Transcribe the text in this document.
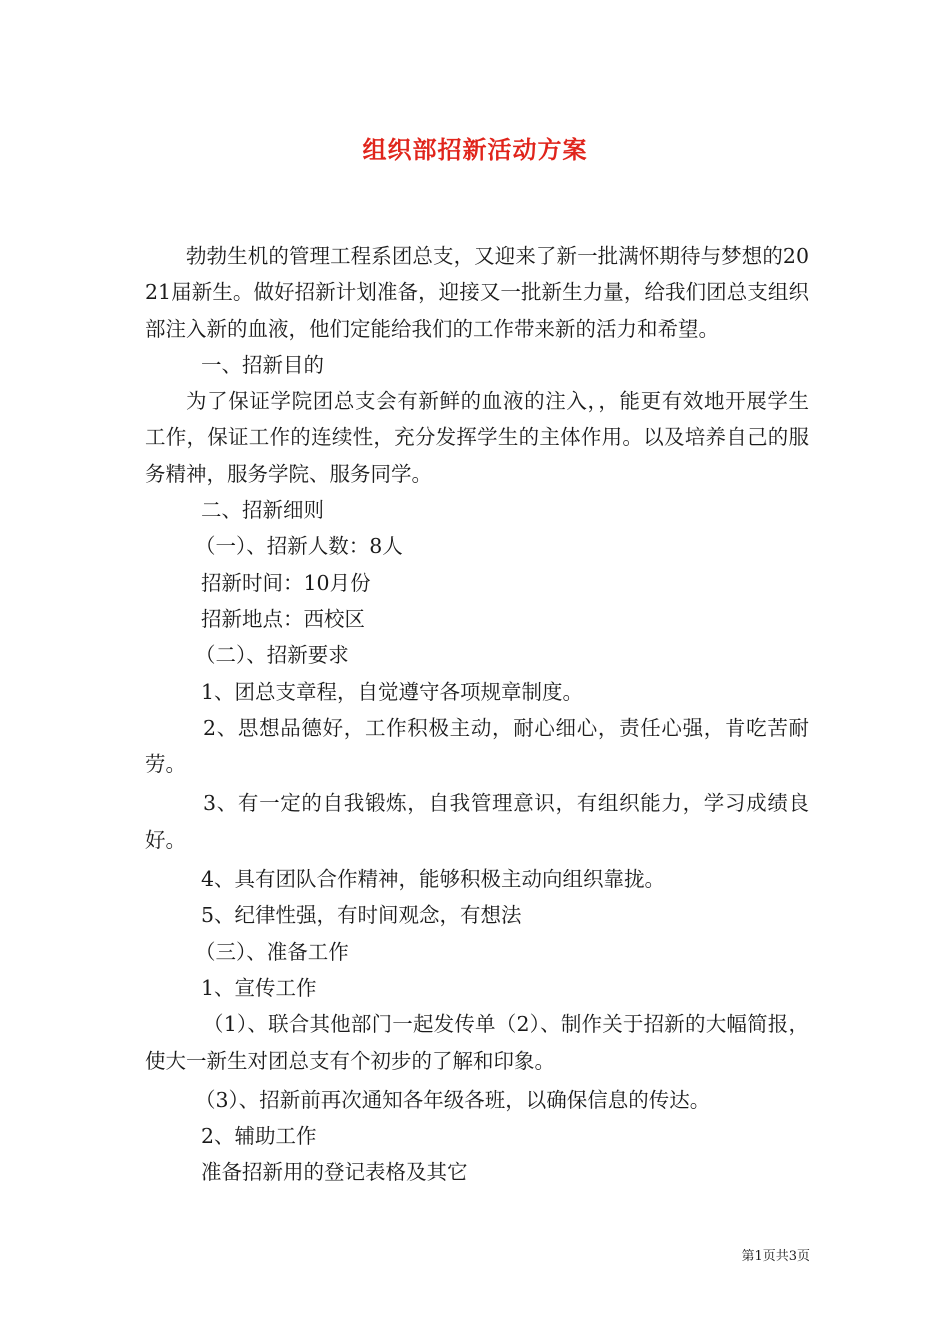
组织部招新活动方案

勃勃生机的管理工程系团总支，又迎来了新一批满怀期待与梦想的2021届新生。做好招新计划准备，迎接又一批新生力量，给我们团总支组织部注入新的血液，他们定能给我们的工作带来新的活力和希望。

一、招新目的

为了保证学院团总支会有新鲜的血液的注入，，能更有效地开展学生工作，保证工作的连续性，充分发挥学生的主体作用。以及培养自己的服务精神，服务学院、服务同学。

二、招新细则

（一）、招新人数：8人

招新时间：10月份

招新地点：西校区

（二）、招新要求

1、团总支章程，自觉遵守各项规章制度。

2、思想品德好，工作积极主动，耐心细心，责任心强，肯吃苦耐劳。

3、有一定的自我锻炼，自我管理意识，有组织能力，学习成绩良好。

4、具有团队合作精神，能够积极主动向组织靠拢。

5、纪律性强，有时间观念，有想法

（三）、准备工作

1、宣传工作

（1）、联合其他部门一起发传单（2）、制作关于招新的大幅简报，使大一新生对团总支有个初步的了解和印象。

（3）、招新前再次通知各年级各班，以确保信息的传达。

2、辅助工作

准备招新用的登记表格及其它

第1页共3页
